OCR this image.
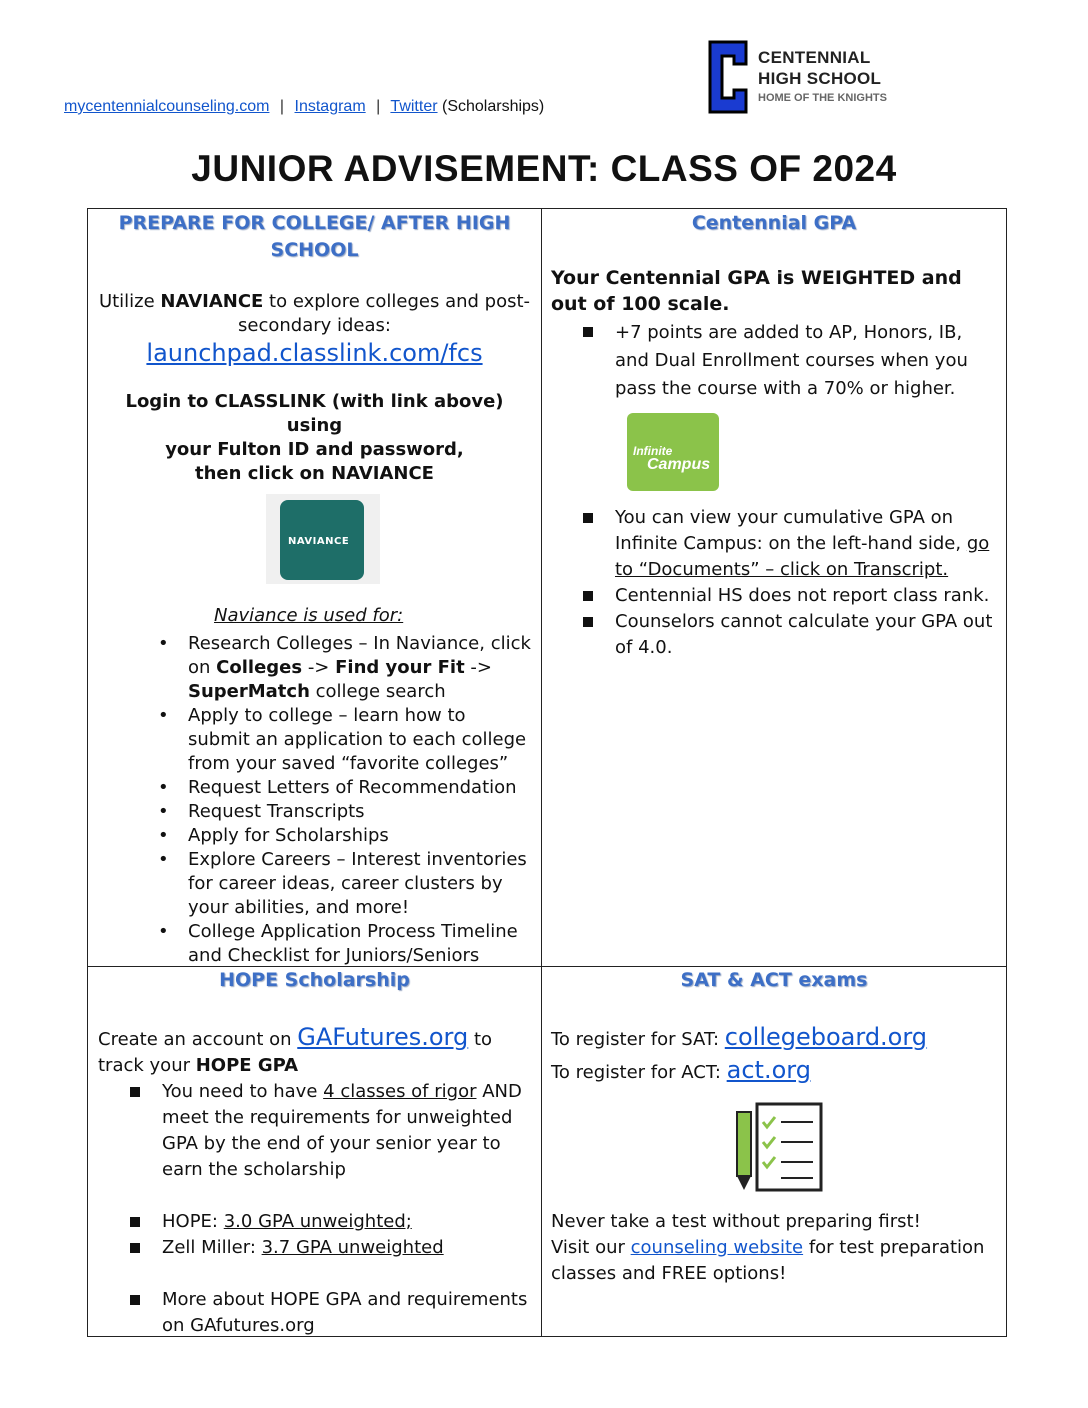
mycentennialcounseling.com | Instagram | Twitter (Scholarships)
CENTENNIAL
HIGH SCHOOL
HOME OF THE KNIGHTS
JUNIOR ADVISEMENT: CLASS OF 2024
PREPARE FOR COLLEGE/ AFTER HIGH
SCHOOL
Utilize NAVIANCE to explore colleges and post-secondary ideas:
launchpad.classlink.com/fcs
Login to CLASSLINK (with link above) using
your Fulton ID and password,
then click on NAVIANCE
NAVIANCE
Naviance is used for:
• Research Colleges – In Naviance, click on Colleges -> Find your Fit -> SuperMatch college search
• Apply to college – learn how to submit an application to each college from your saved “favorite colleges”
• Request Letters of Recommendation
• Request Transcripts
• Apply for Scholarships
• Explore Careers – Interest inventories for career ideas, career clusters by your abilities, and more!
• College Application Process Timeline and Checklist for Juniors/Seniors
Centennial GPA
Your Centennial GPA is WEIGHTED and out of 100 scale.
+7 points are added to AP, Honors, IB, and Dual Enrollment courses when you pass the course with a 70% or higher.
Infinite
Campus
You can view your cumulative GPA on Infinite Campus: on the left-hand side, go to “Documents” – click on Transcript.
Centennial HS does not report class rank.
Counselors cannot calculate your GPA out of 4.0.
HOPE Scholarship
Create an account on GAFutures.org to track your HOPE GPA
You need to have 4 classes of rigor AND meet the requirements for unweighted GPA by the end of your senior year to earn the scholarship
HOPE: 3.0 GPA unweighted;
Zell Miller: 3.7 GPA unweighted
More about HOPE GPA and requirements on GAfutures.org
SAT & ACT exams
To register for SAT: collegeboard.org
To register for ACT: act.org
Never take a test without preparing first!
Visit our counseling website for test preparation classes and FREE options!
